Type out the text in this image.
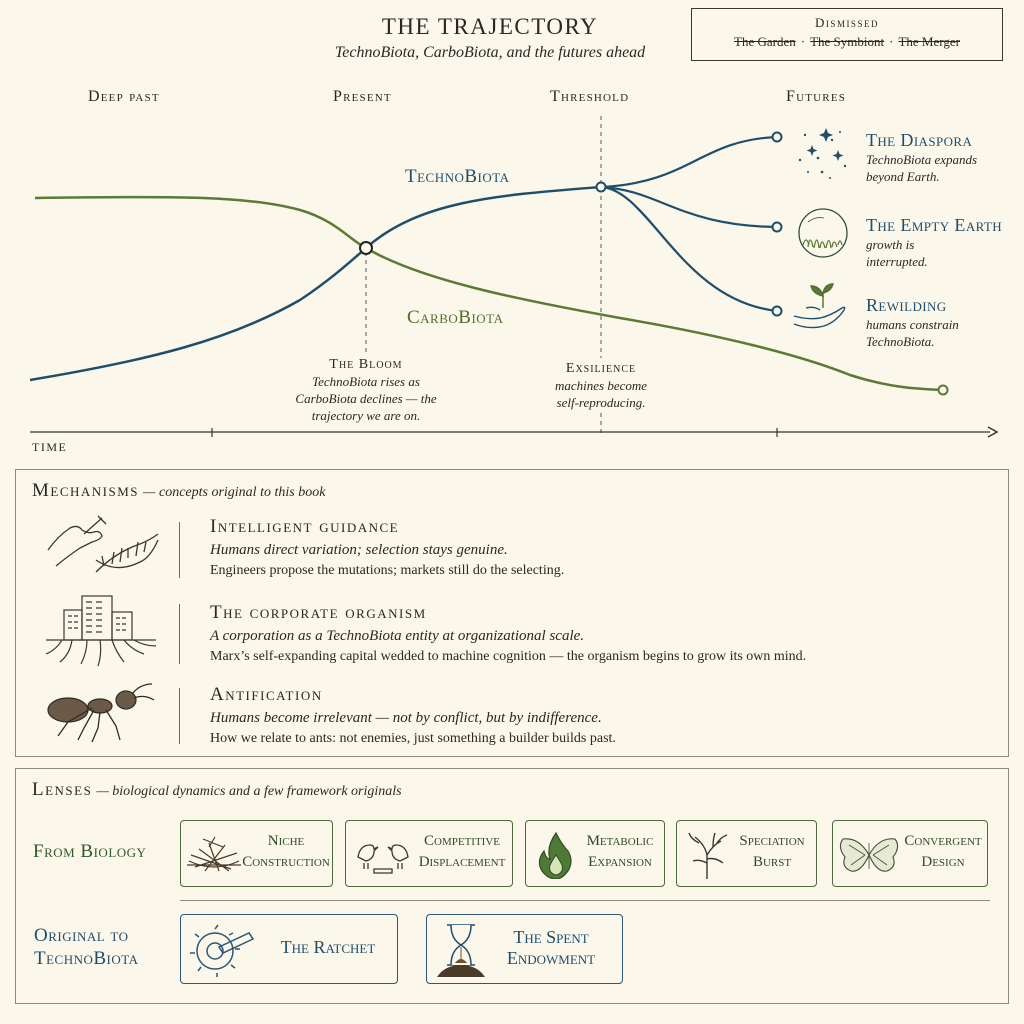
THE TRAJECTORY
TechnoBiota, CarboBiota, and the futures ahead
Dismissed
The Garden · The Symbiont · The Merger
Deep past	Present	Threshold	Futures
TechnoBiota
CarboBiota
The Bloom
TechnoBiota rises as
CarboBiota declines — the
trajectory we are on.
Exsilience
machines become
self-reproducing.
The Diaspora
TechnoBiota expands
beyond Earth.
The Empty Earth
growth is
interrupted.
Rewilding
humans constrain
TechnoBiota.
TIME
Mechanisms — concepts original to this book
Intelligent guidance
Humans direct variation; selection stays genuine.
Engineers propose the mutations; markets still do the selecting.
The corporate organism
A corporation as a TechnoBiota entity at organizational scale.
Marx’s self-expanding capital wedded to machine cognition — the organism begins to grow its own mind.
Antification
Humans become irrelevant — not by conflict, but by indifference.
How we relate to ants: not enemies, just something a builder builds past.
Lenses — biological dynamics and a few framework originals
From Biology	Niche
Construction
Competitive
Displacement
Metabolic
Expansion
Speciation
Burst
Convergent
Design
Original to
TechnoBiota
The Ratchet	The Spent
Endowment
